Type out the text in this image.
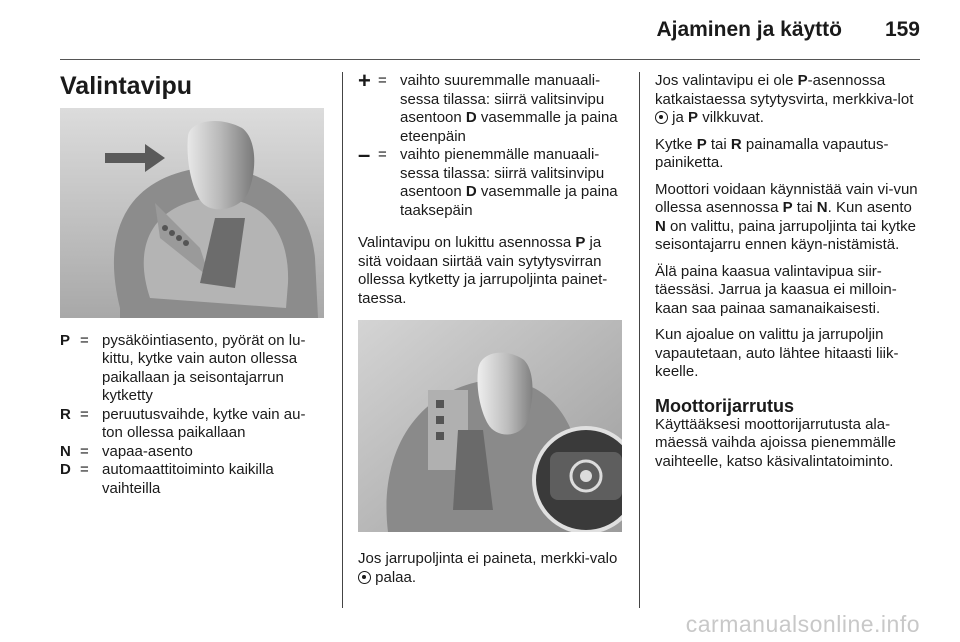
Ajaminen ja käyttö 159
Valintavipu
P = pysäköintiasento, pyörät on lu-kittu, kytke vain auton ollessa paikallaan ja seisontajarrun kytketty
R = peruutusvaihde, kytke vain au-ton ollessa paikallaan
N = vapaa-asento
D = automaattitoiminto kaikilla vaihteilla
+ = vaihto suuremmalle manuaali-sessa tilassa: siirrä valitsinvipu asentoon D vasemmalle ja paina eteenpäin
– = vaihto pienemmälle manuaali-sessa tilassa: siirrä valitsinvipu asentoon D vasemmalle ja paina taaksepäin

Valintavipu on lukittu asennossa P ja sitä voidaan siirtää vain sytytysvirran ollessa kytketty ja jarrupoljinta painet-taessa.

Jos jarrupoljinta ei paineta, merkki-valo  palaa.

Jos valintavipu ei ole P-asennossa katkaistaessa sytytysvirta, merkkiva-lot  ja P vilkkuvat.

Kytke P tai R painamalla vapautus-painiketta.

Moottori voidaan käynnistää vain vi-vun ollessa asennossa P tai N. Kun asento N on valittu, paina jarrupoljinta tai kytke seisontajarru ennen käyn-nistämistä.

Älä paina kaasua valintavipua siir-täessäsi. Jarrua ja kaasua ei milloin-kaan saa painaa samanaikaisesti.

Kun ajoalue on valittu ja jarrupoljin vapautetaan, auto lähtee hitaasti liik-keelle.

Moottorijarrutus

Käyttääksesi moottorijarrutusta ala-mäessä vaihda ajoissa pienemmälle vaihteelle, katso käsivalintatoiminto.

carmanualsonline.info
